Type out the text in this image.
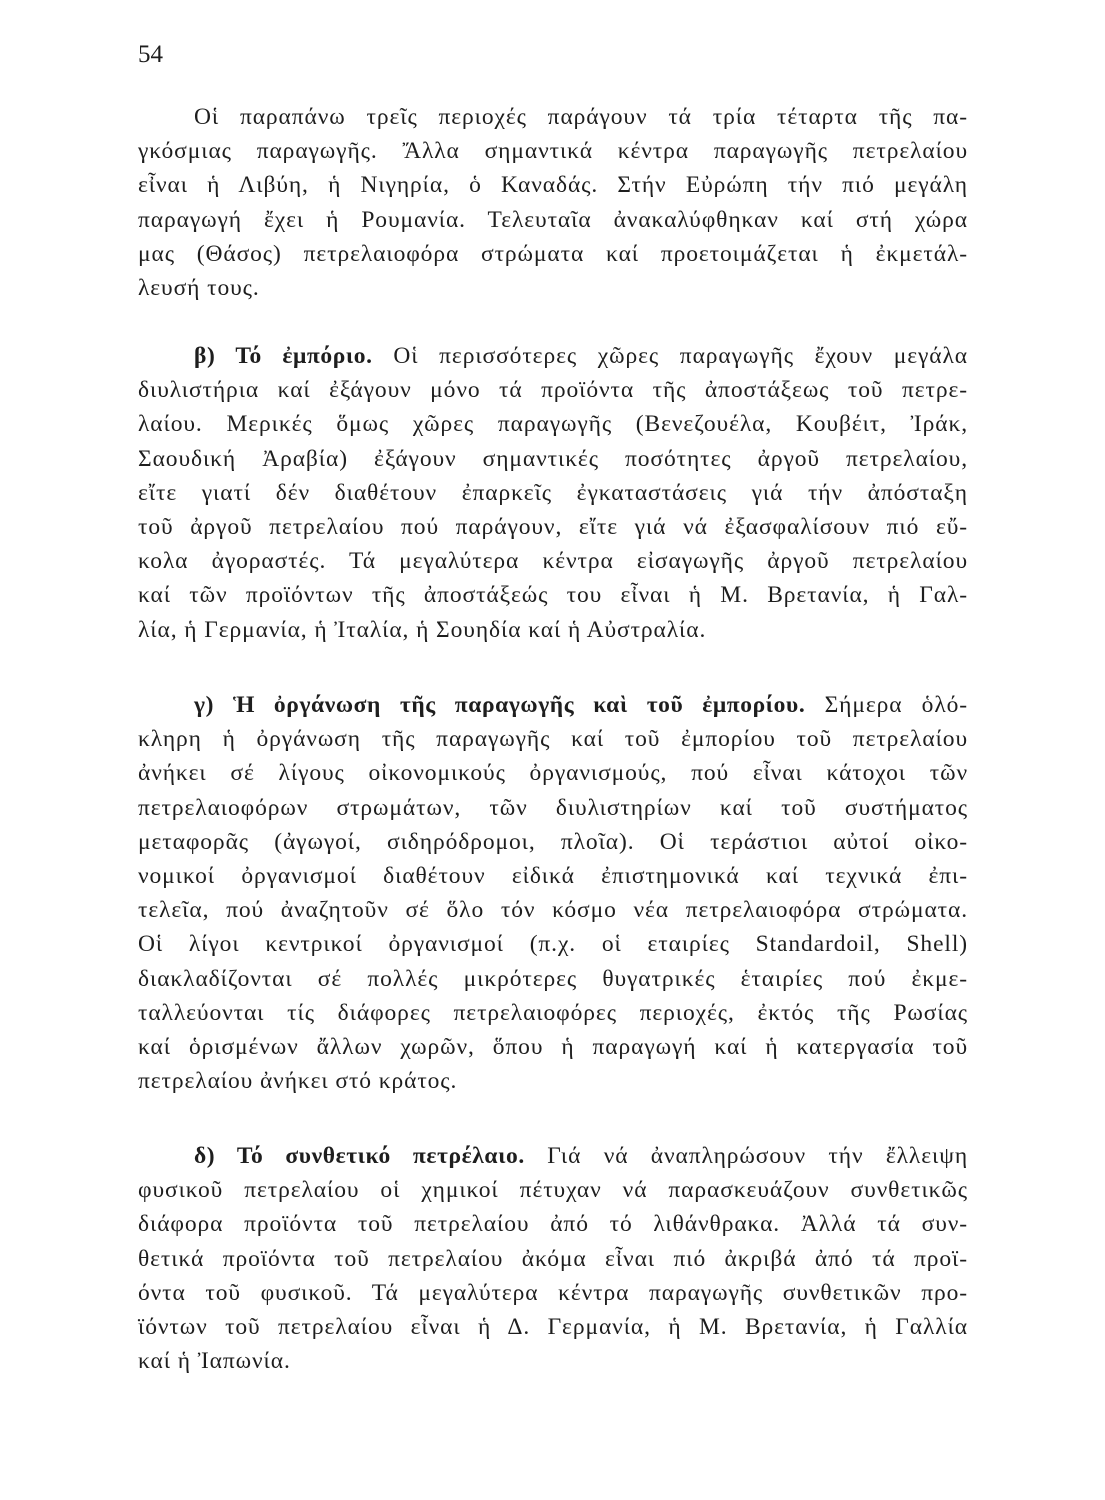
54
Οἱ παραπάνω τρεῖς περιοχές παράγουν τά τρία τέταρτα τῆς πα-
γκόσμιας παραγωγῆς. Ἄλλα σημαντικά κέντρα παραγωγῆς πετρελαίου
εἶναι ἡ Λιβύη, ἡ Νιγηρία, ὁ Καναδάς. Στήν Εὐρώπη τήν πιό μεγάλη
παραγωγή ἔχει ἡ Ρουμανία. Τελευταῖα ἀνακαλύφθηκαν καί στή χώρα
μας (Θάσος) πετρελαιοφόρα στρώματα καί προετοιμάζεται ἡ ἐκμετάλ-
λευσή τους.
β) Τό ἐμπόριο. Οἱ περισσότερες χῶρες παραγωγῆς ἔχουν μεγάλα
διυλιστήρια καί ἐξάγουν μόνο τά προϊόντα τῆς ἀποστάξεως τοῦ πετρε-
λαίου. Μερικές ὅμως χῶρες παραγωγῆς (Βενεζουέλα, Κουβέιτ, Ἰράκ,
Σαουδική Ἀραβία) ἐξάγουν σημαντικές ποσότητες ἀργοῦ πετρελαίου,
εἴτε γιατί δέν διαθέτουν ἐπαρκεῖς ἐγκαταστάσεις γιά τήν ἀπόσταξη
τοῦ ἀργοῦ πετρελαίου πού παράγουν, εἴτε γιά νά ἐξασφαλίσουν πιό εὔ-
κολα ἀγοραστές. Τά μεγαλύτερα κέντρα εἰσαγωγῆς ἀργοῦ πετρελαίου
καί τῶν προϊόντων τῆς ἀποστάξεώς του εἶναι ἡ Μ. Βρετανία, ἡ Γαλ-
λία, ἡ Γερμανία, ἡ Ἰταλία, ἡ Σουηδία καί ἡ Αὐστραλία.
γ) Ἡ ὀργάνωση τῆς παραγωγῆς καὶ τοῦ ἐμπορίου. Σήμερα ὁλό-
κληρη ἡ ὀργάνωση τῆς παραγωγῆς καί τοῦ ἐμπορίου τοῦ πετρελαίου
ἀνήκει σέ λίγους οἰκονομικούς ὀργανισμούς, πού εἶναι κάτοχοι τῶν
πετρελαιοφόρων στρωμάτων, τῶν διυλιστηρίων καί τοῦ συστήματος
μεταφορᾶς (ἀγωγοί, σιδηρόδρομοι, πλοῖα). Οἱ τεράστιοι αὐτοί οἰκο-
νομικοί ὀργανισμοί διαθέτουν εἰδικά ἐπιστημονικά καί τεχνικά ἐπι-
τελεῖα, πού ἀναζητοῦν σέ ὅλο τόν κόσμο νέα πετρελαιοφόρα στρώματα.
Οἱ λίγοι κεντρικοί ὀργανισμοί (π.χ. οἱ εταιρίες Standardoil, Shell)
διακλαδίζονται σέ πολλές μικρότερες θυγατρικές ἑταιρίες πού ἐκμε-
ταλλεύονται τίς διάφορες πετρελαιοφόρες περιοχές, ἐκτός τῆς Ρωσίας
καί ὁρισμένων ἄλλων χωρῶν, ὅπου ἡ παραγωγή καί ἡ κατεργασία τοῦ
πετρελαίου ἀνήκει στό κράτος.
δ) Τό συνθετικό πετρέλαιο. Γιά νά ἀναπληρώσουν τήν ἔλλειψη
φυσικοῦ πετρελαίου οἱ χημικοί πέτυχαν νά παρασκευάζουν συνθετικῶς
διάφορα προϊόντα τοῦ πετρελαίου ἀπό τό λιθάνθρακα. Ἀλλά τά συν-
θετικά προϊόντα τοῦ πετρελαίου ἀκόμα εἶναι πιό ἀκριβά ἀπό τά προϊ-
όντα τοῦ φυσικοῦ. Τά μεγαλύτερα κέντρα παραγωγῆς συνθετικῶν προ-
ϊόντων τοῦ πετρελαίου εἶναι ἡ Δ. Γερμανία, ἡ Μ. Βρετανία, ἡ Γαλλία
καί ἡ Ἰαπωνία.
